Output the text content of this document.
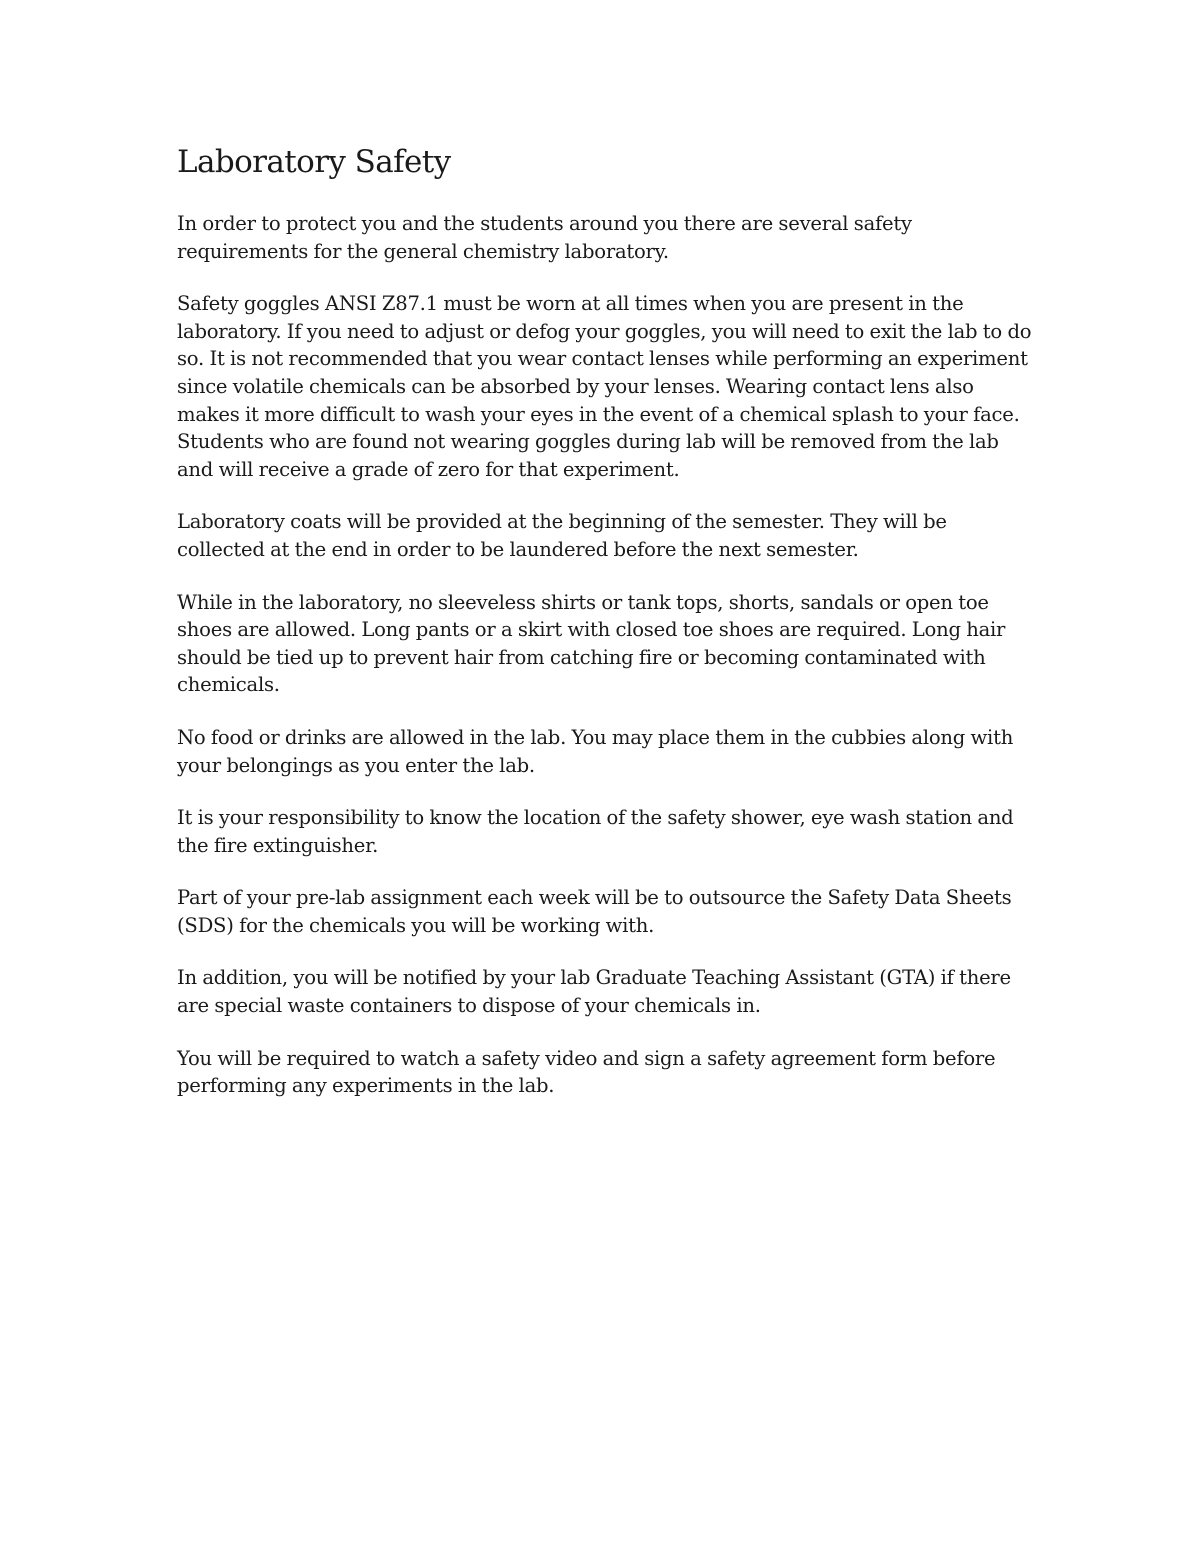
Laboratory Safety

In order to protect you and the students around you there are several safety requirements for the general chemistry laboratory.

Safety goggles ANSI Z87.1 must be worn at all times when you are present in the laboratory. If you need to adjust or defog your goggles, you will need to exit the lab to do so. It is not recommended that you wear contact lenses while performing an experiment since volatile chemicals can be absorbed by your lenses. Wearing contact lens also makes it more difficult to wash your eyes in the event of a chemical splash to your face. Students who are found not wearing goggles during lab will be removed from the lab and will receive a grade of zero for that experiment.

Laboratory coats will be provided at the beginning of the semester. They will be collected at the end in order to be laundered before the next semester.

While in the laboratory, no sleeveless shirts or tank tops, shorts, sandals or open toe shoes are allowed. Long pants or a skirt with closed toe shoes are required. Long hair should be tied up to prevent hair from catching fire or becoming contaminated with chemicals.

No food or drinks are allowed in the lab. You may place them in the cubbies along with your belongings as you enter the lab.

It is your responsibility to know the location of the safety shower, eye wash station and the fire extinguisher.

Part of your pre-lab assignment each week will be to outsource the Safety Data Sheets (SDS) for the chemicals you will be working with.

In addition, you will be notified by your lab Graduate Teaching Assistant (GTA) if there are special waste containers to dispose of your chemicals in.

You will be required to watch a safety video and sign a safety agreement form before performing any experiments in the lab.
